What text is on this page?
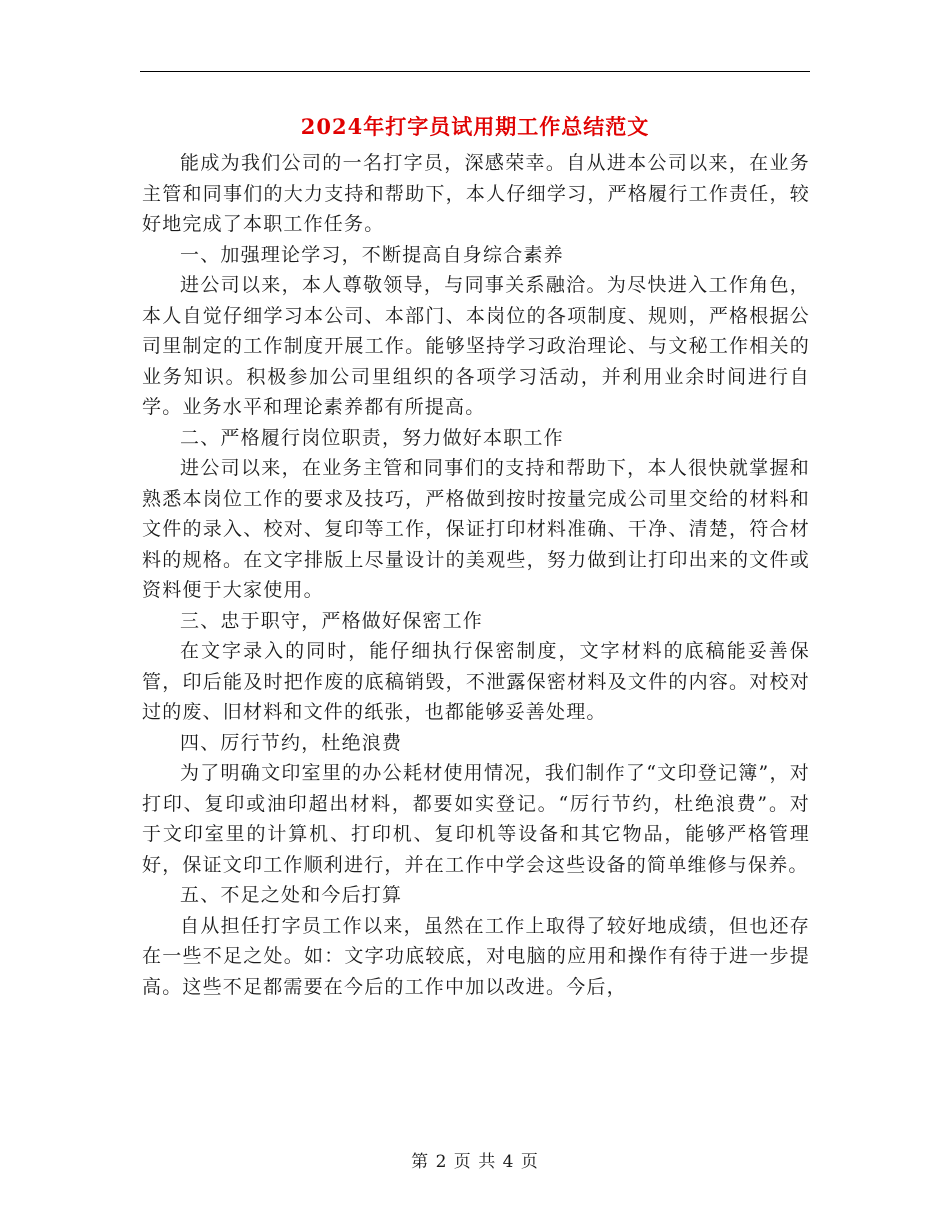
2024年打字员试用期工作总结范文

能成为我们公司的一名打字员，深感荣幸。自从进本公司以来，在业务主管和同事们的大力支持和帮助下，本人仔细学习，严格履行工作责任，较好地完成了本职工作任务。

一、加强理论学习，不断提高自身综合素养

进公司以来，本人尊敬领导，与同事关系融洽。为尽快进入工作角色，本人自觉仔细学习本公司、本部门、本岗位的各项制度、规则，严格根据公司里制定的工作制度开展工作。能够坚持学习政治理论、与文秘工作相关的业务知识。积极参加公司里组织的各项学习活动，并利用业余时间进行自学。业务水平和理论素养都有所提高。

二、严格履行岗位职责，努力做好本职工作

进公司以来，在业务主管和同事们的支持和帮助下，本人很快就掌握和熟悉本岗位工作的要求及技巧，严格做到按时按量完成公司里交给的材料和文件的录入、校对、复印等工作，保证打印材料准确、干净、清楚，符合材料的规格。在文字排版上尽量设计的美观些，努力做到让打印出来的文件或资料便于大家使用。

三、忠于职守，严格做好保密工作

在文字录入的同时，能仔细执行保密制度，文字材料的底稿能妥善保管，印后能及时把作废的底稿销毁，不泄露保密材料及文件的内容。对校对过的废、旧材料和文件的纸张，也都能够妥善处理。

四、厉行节约，杜绝浪费

为了明确文印室里的办公耗材使用情况，我们制作了“文印登记簿”，对打印、复印或油印超出材料，都要如实登记。“厉行节约，杜绝浪费”。对于文印室里的计算机、打印机、复印机等设备和其它物品，能够严格管理好，保证文印工作顺利进行，并在工作中学会这些设备的简单维修与保养。

五、不足之处和今后打算

自从担任打字员工作以来，虽然在工作上取得了较好地成绩，但也还存在一些不足之处。如：文字功底较底，对电脑的应用和操作有待于进一步提高。这些不足都需要在今后的工作中加以改进。今后，

第 2 页 共 4 页
